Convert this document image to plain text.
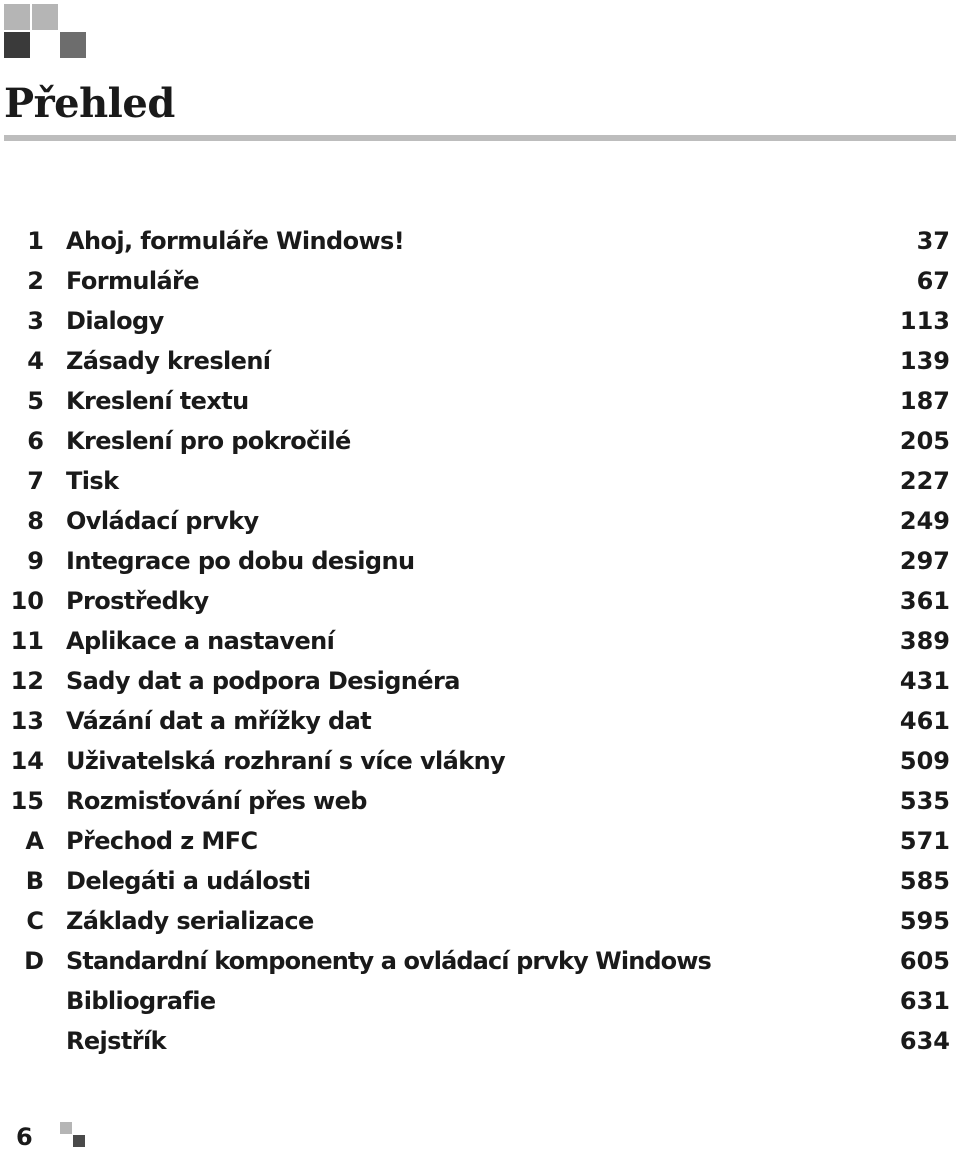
Přehled
1 Ahoj, formuláře Windows!	37
2 Formuláře	67
3 Dialogy	113
4 Zásady kreslení	139
5 Kreslení textu	187
6 Kreslení pro pokročilé	205
7 Tisk	227
8 Ovládací prvky	249
9 Integrace po dobu designu	297
10 Prostředky	361
11 Aplikace a nastavení	389
12 Sady dat a podpora Designéra	431
13 Vázání dat a mřížky dat	461
14 Uživatelská rozhraní s více vlákny	509
15 Rozmisťování přes web	535
A Přechod z MFC	571
B Delegáti a události	585
C Základy serializace	595
D Standardní komponenty a ovládací prvky Windows	605
Bibliografie	631
Rejstřík	634
6
